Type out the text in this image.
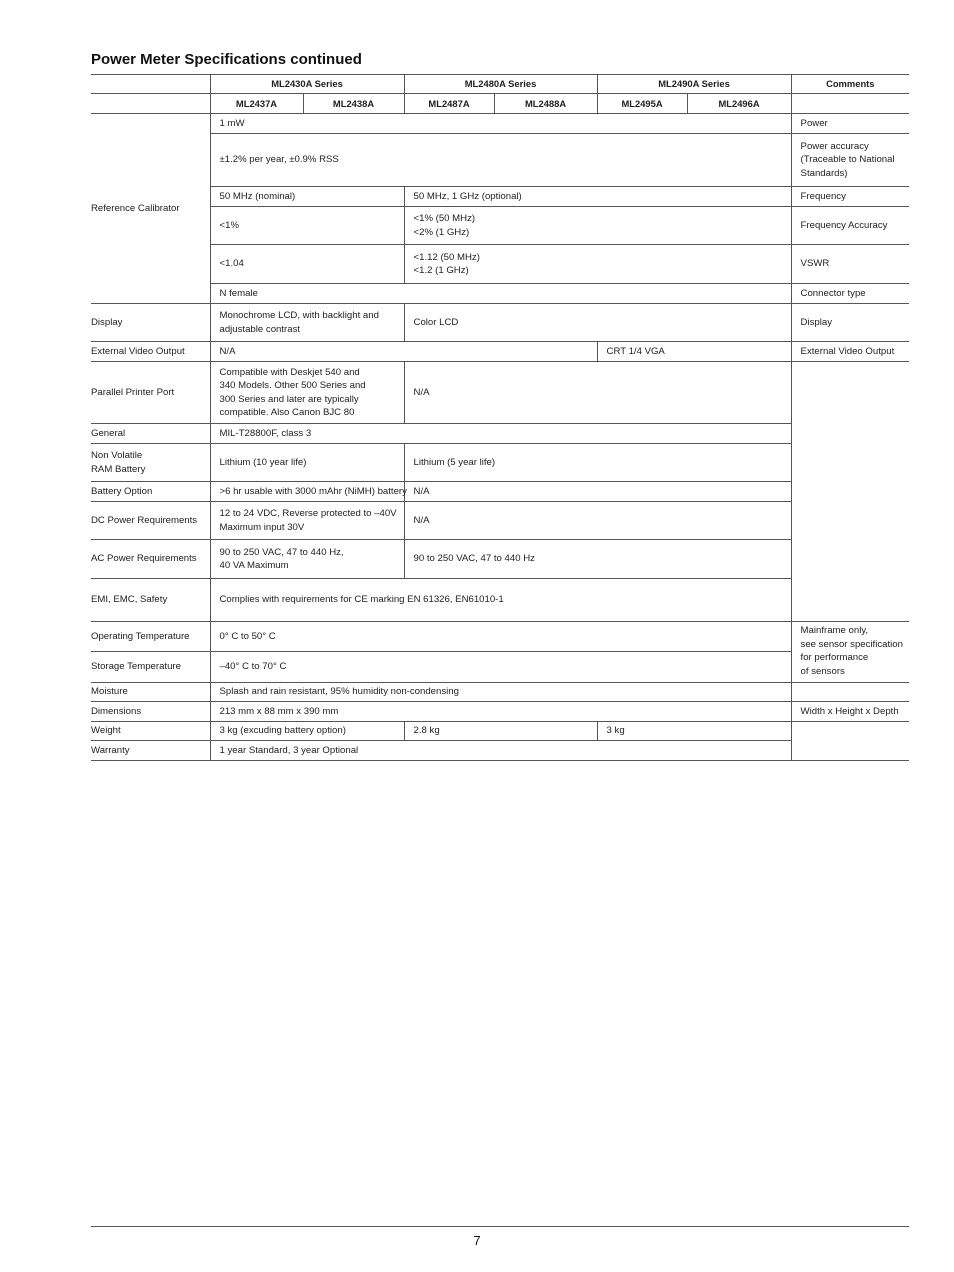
Power Meter Specifications continued
	ML2430A Series		ML2480A Series		ML2490A Series		Comments
	ML2437A	ML2438A	ML2487A	ML2488A	ML2495A	ML2496A	
Reference Calibrator	1 mW						Power
	±1.2% per year, ±0.9% RSS						Power accuracy
(Traceable to National
Standards)
	50 MHz (nominal)		50 MHz, 1 GHz (optional)				Frequency
	<1%		<1% (50 MHz)
<2% (1 GHz)				Frequency Accuracy
	<1.04		<1.12 (50 MHz)
<1.2 (1 GHz)				VSWR
	N female						Connector type
Display	Monochrome LCD, with backlight and
adjustable contrast		Color LCD				Display
External Video Output	N/A				CRT 1/4 VGA		External Video Output
Parallel Printer Port	Compatible with Deskjet 540 and
340 Models. Other 500 Series and
300 Series and later are typically
compatible. Also Canon BJC 80		N/A				
General	MIL-T28800F, class 3						
Non Volatile
RAM Battery	Lithium (10 year life)		Lithium (5 year life)				
Battery Option	>6 hr usable with 3000 mAhr (NiMH) battery		N/A				
DC Power Requirements	12 to 24 VDC, Reverse protected to –40V
Maximum input 30V		N/A				
AC Power Requirements	90 to 250 VAC, 47 to 440 Hz,
40 VA Maximum		90 to 250 VAC, 47 to 440 Hz				
EMI, EMC, Safety	Complies with requirements for CE marking EN 61326, EN61010-1						
Operating Temperature	0° C to 50° C						Mainframe only,
see sensor specification
for performance
of sensors
Storage Temperature	–40° C to 70° C						
Moisture	Splash and rain resistant, 95% humidity non-condensing						
Dimensions	213 mm x 88 mm x 390 mm						Width x Height x Depth
Weight	3 kg (excuding battery option)		2.8 kg		3 kg		
Warranty	1 year Standard, 3 year Optional						
7
